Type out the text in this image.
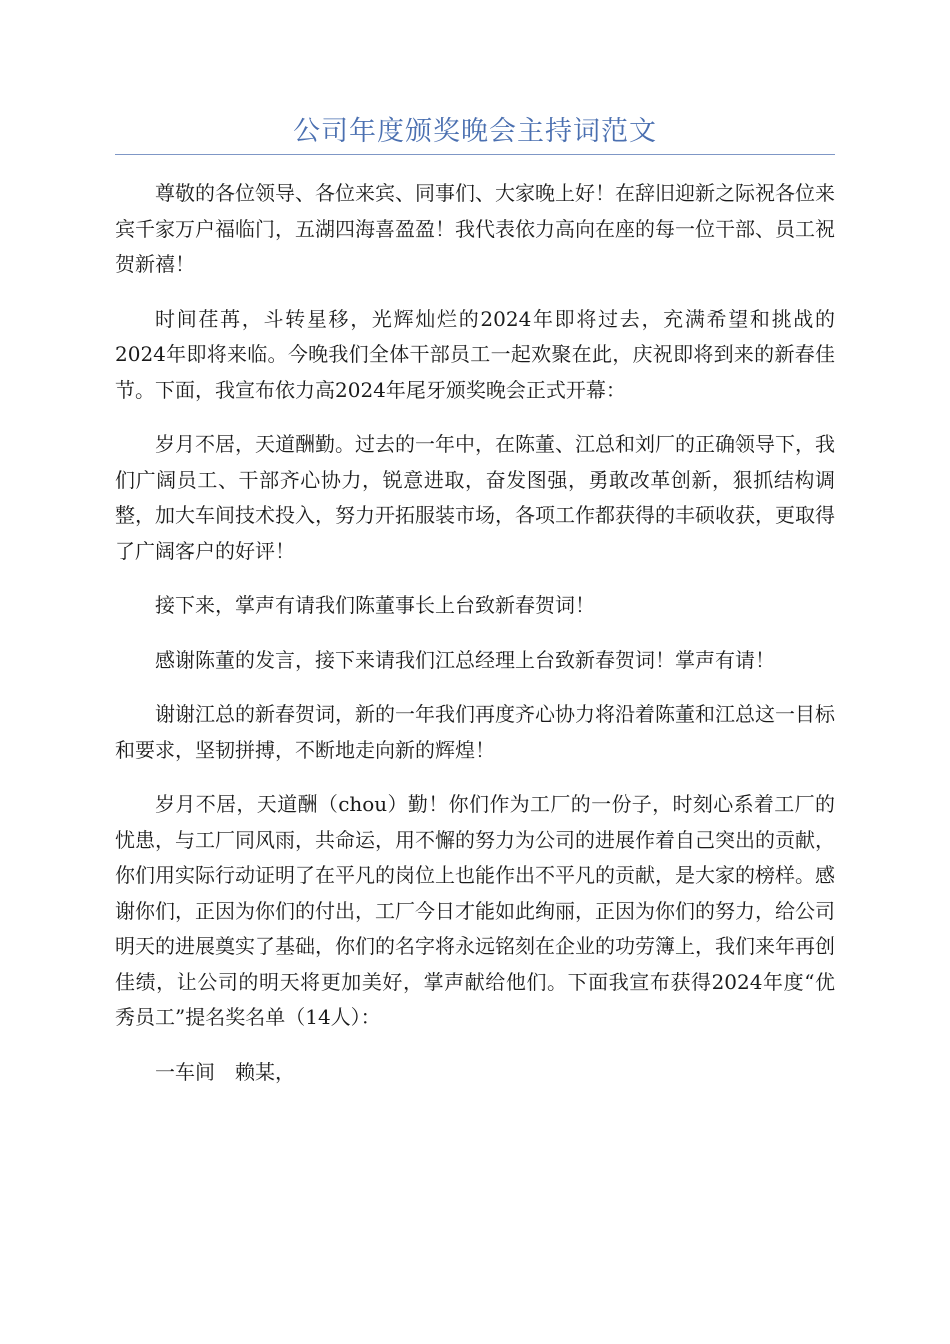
公司年度颁奖晚会主持词范文

尊敬的各位领导、各位来宾、同事们、大家晚上好！在辞旧迎新之际祝各位来宾千家万户福临门，五湖四海喜盈盈！我代表依力高向在座的每一位干部、员工祝贺新禧！

时间荏苒，斗转星移，光辉灿烂的2024年即将过去，充满希望和挑战的2024年即将来临。今晚我们全体干部员工一起欢聚在此，庆祝即将到来的新春佳节。下面，我宣布依力高2024年尾牙颁奖晚会正式开幕：

岁月不居，天道酬勤。过去的一年中，在陈董、江总和刘厂的正确领导下，我们广阔员工、干部齐心协力，锐意进取，奋发图强，勇敢改革创新，狠抓结构调整，加大车间技术投入，努力开拓服装市场，各项工作都获得的丰硕收获，更取得了广阔客户的好评！

接下来，掌声有请我们陈董事长上台致新春贺词！

感谢陈董的发言，接下来请我们江总经理上台致新春贺词！掌声有请！

谢谢江总的新春贺词，新的一年我们再度齐心协力将沿着陈董和江总这一目标和要求，坚韧拼搏，不断地走向新的辉煌！

岁月不居，天道酬（chou）勤！你们作为工厂的一份子，时刻心系着工厂的忧患，与工厂同风雨，共命运，用不懈的努力为公司的进展作着自己突出的贡献，你们用实际行动证明了在平凡的岗位上也能作出不平凡的贡献，是大家的榜样。感谢你们，正因为你们的付出，工厂今日才能如此绚丽，正因为你们的努力，给公司明天的进展奠实了基础，你们的名字将永远铭刻在企业的功劳簿上，我们来年再创佳绩，让公司的明天将更加美好，掌声献给他们。下面我宣布获得2024年度“优秀员工”提名奖名单（14人）：

一车间　赖某，
